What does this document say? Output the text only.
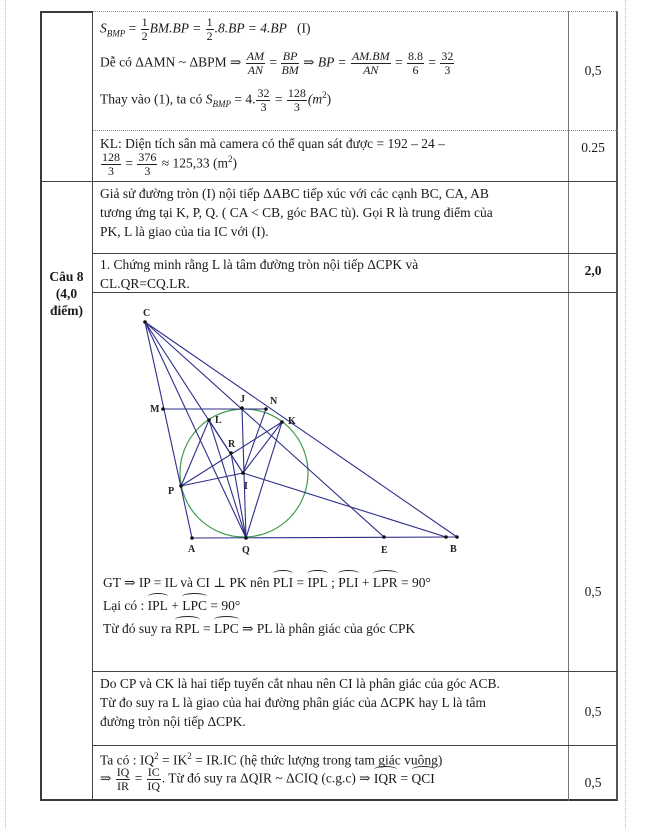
$S_{BMP} = \frac{1}{2} BM.BP = \frac{1}{2} .8.BP = 4.BP$ (I)
Dễ có ΔAMN ~ ΔBPM ⇒ $\frac{AM}{AN} = \frac{BP}{BM}$ ⇒ BP = $\frac{AM.BM}{AN} = \frac{8.8}{6} = \frac{32}{3}$
Thay vào (1), ta có $S_{BMP} = 4$. $\frac{32}{3} = \frac{128}{3} (m^2)$
0,5
KL: Diện tích sân mà camera có thể quan sát được = 192 – 24 –
$\frac{128}{3} = \frac{376}{3} \approx 125,33$ $(m^2)$
0.25
Câu 8
(4,0
điểm)
Giả sử đường tròn (I) nội tiếp ΔABC tiếp xúc với các cạnh BC, CA, AB
tương ứng tại K, P, Q. ( CA < CB, góc BAC tù). Gọi R là trung điểm của
PK, L là giao của tia IC với (I).
1. Chứng minh rằng L là tâm đường tròn nội tiếp ΔCPK và
CL.QR=CQ.LR.
2,0
C
M
J	N
K
L
R
I
P
A	Q	E	B
GT ⇒ IP = IL và CI ⊥ PK nên PLI = IPL ; PLI + LPR = 90°
Lại có : IPL + LPC = 90°
Từ đó suy ra RPL = LPC ⇒ PL là phân giác của góc CPK
0,5
Do CP và CK là hai tiếp tuyến cắt nhau nên CI là phân giác của góc ACB.
Từ đo suy ra L là giao của hai đường phân giác của ΔCPK hay L là tâm
đường tròn nội tiếp ΔCPK.
0,5
Ta có : $IQ^2 = IK^2 = IR.IC$ (hệ thức lượng trong tam giác vuông)
⇒ $\frac{IQ}{IR} = \frac{IC}{IQ}$ . Từ đó suy ra ΔQIR ~ ΔCIQ (c.g.c) ⇒ IQR = QCI	0,5
